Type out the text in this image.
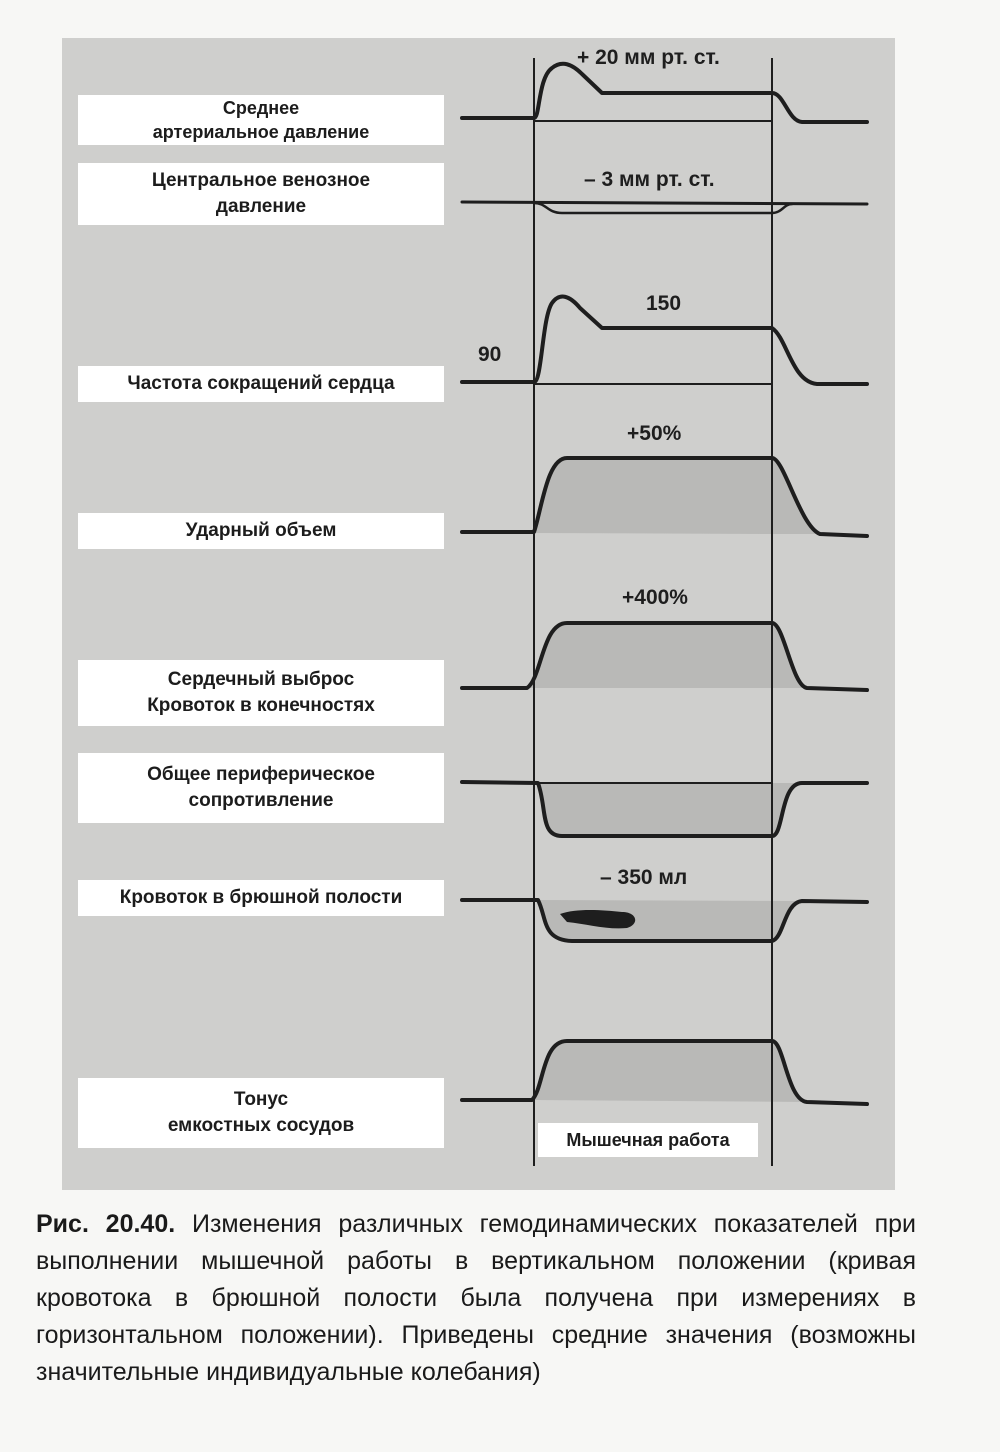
Среднее
артериальное давление
Центральное венозное
давление
Частота сокращений сердца
Ударный объем
Сердечный выброс
Кровоток в конечностях
Общее периферическое
сопротивление
Кровоток в брюшной полости
Тонус
емкостных сосудов
+ 20 мм рт. ст.
– 3 мм рт. ст.
90
150
+50%
+400%
– 350 мл
Мышечная работа
Рис. 20.40. Изменения различных гемодинамических показателей при выполнении мышечной работы в вертикальном положении (кривая кровотока в брюшной полости была получена при измерениях в горизонтальном положении). Приведены средние значения (возможны значительные индивидуальные колебания)
